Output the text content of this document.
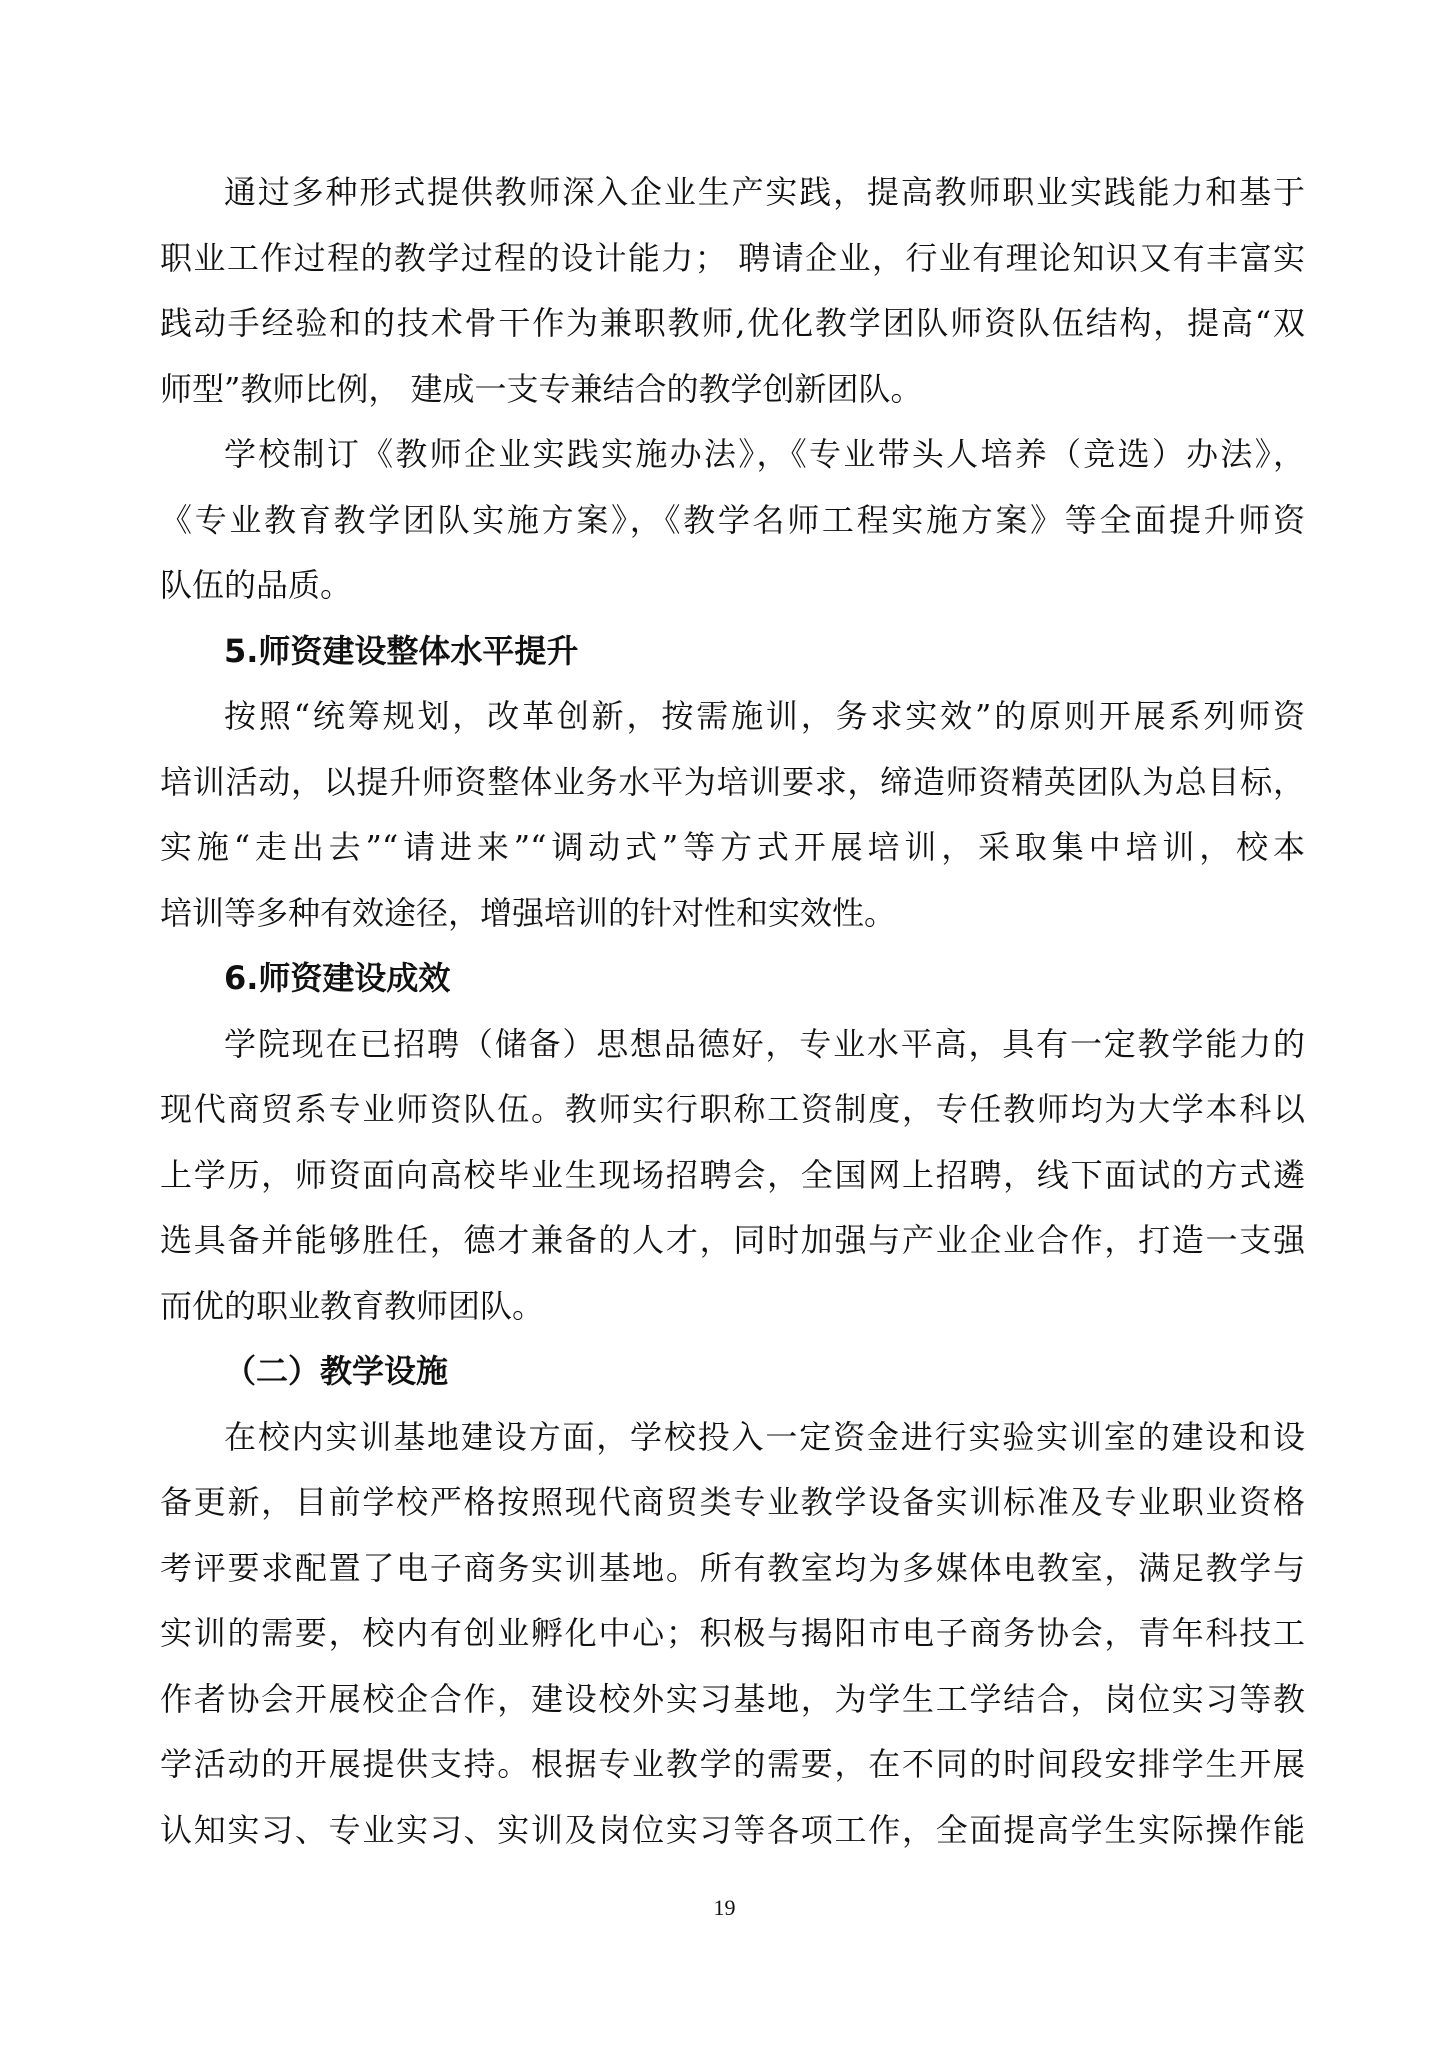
通过多种形式提供教师深入企业生产实践，提高教师职业实践能力和基于
职业工作过程的教学过程的设计能力； 聘请企业，行业有理论知识又有丰富实
践动手经验和的技术骨干作为兼职教师,优化教学团队师资队伍结构，提高“双
师型”教师比例， 建成一支专兼结合的教学创新团队。
学校制订《教师企业实践实施办法》，《专业带头人培养（竞选）办法》，
《专业教育教学团队实施方案》，《教学名师工程实施方案》等全面提升师资
队伍的品质。
5.师资建设整体水平提升
按照“统筹规划，改革创新，按需施训，务求实效”的原则开展系列师资
培训活动，以提升师资整体业务水平为培训要求，缔造师资精英团队为总目标，
实施“走出去”“请进来”“调动式”等方式开展培训，采取集中培训，校本
培训等多种有效途径，增强培训的针对性和实效性。
6.师资建设成效
学院现在已招聘（储备）思想品德好，专业水平高，具有一定教学能力的
现代商贸系专业师资队伍。教师实行职称工资制度，专任教师均为大学本科以
上学历，师资面向高校毕业生现场招聘会，全国网上招聘，线下面试的方式遴
选具备并能够胜任，德才兼备的人才，同时加强与产业企业合作，打造一支强
而优的职业教育教师团队。
（二）教学设施
在校内实训基地建设方面，学校投入一定资金进行实验实训室的建设和设
备更新，目前学校严格按照现代商贸类专业教学设备实训标准及专业职业资格
考评要求配置了电子商务实训基地。所有教室均为多媒体电教室，满足教学与
实训的需要，校内有创业孵化中心；积极与揭阳市电子商务协会，青年科技工
作者协会开展校企合作，建设校外实习基地，为学生工学结合，岗位实习等教
学活动的开展提供支持。根据专业教学的需要，在不同的时间段安排学生开展
认知实习、专业实习、实训及岗位实习等各项工作，全面提高学生实际操作能
19
